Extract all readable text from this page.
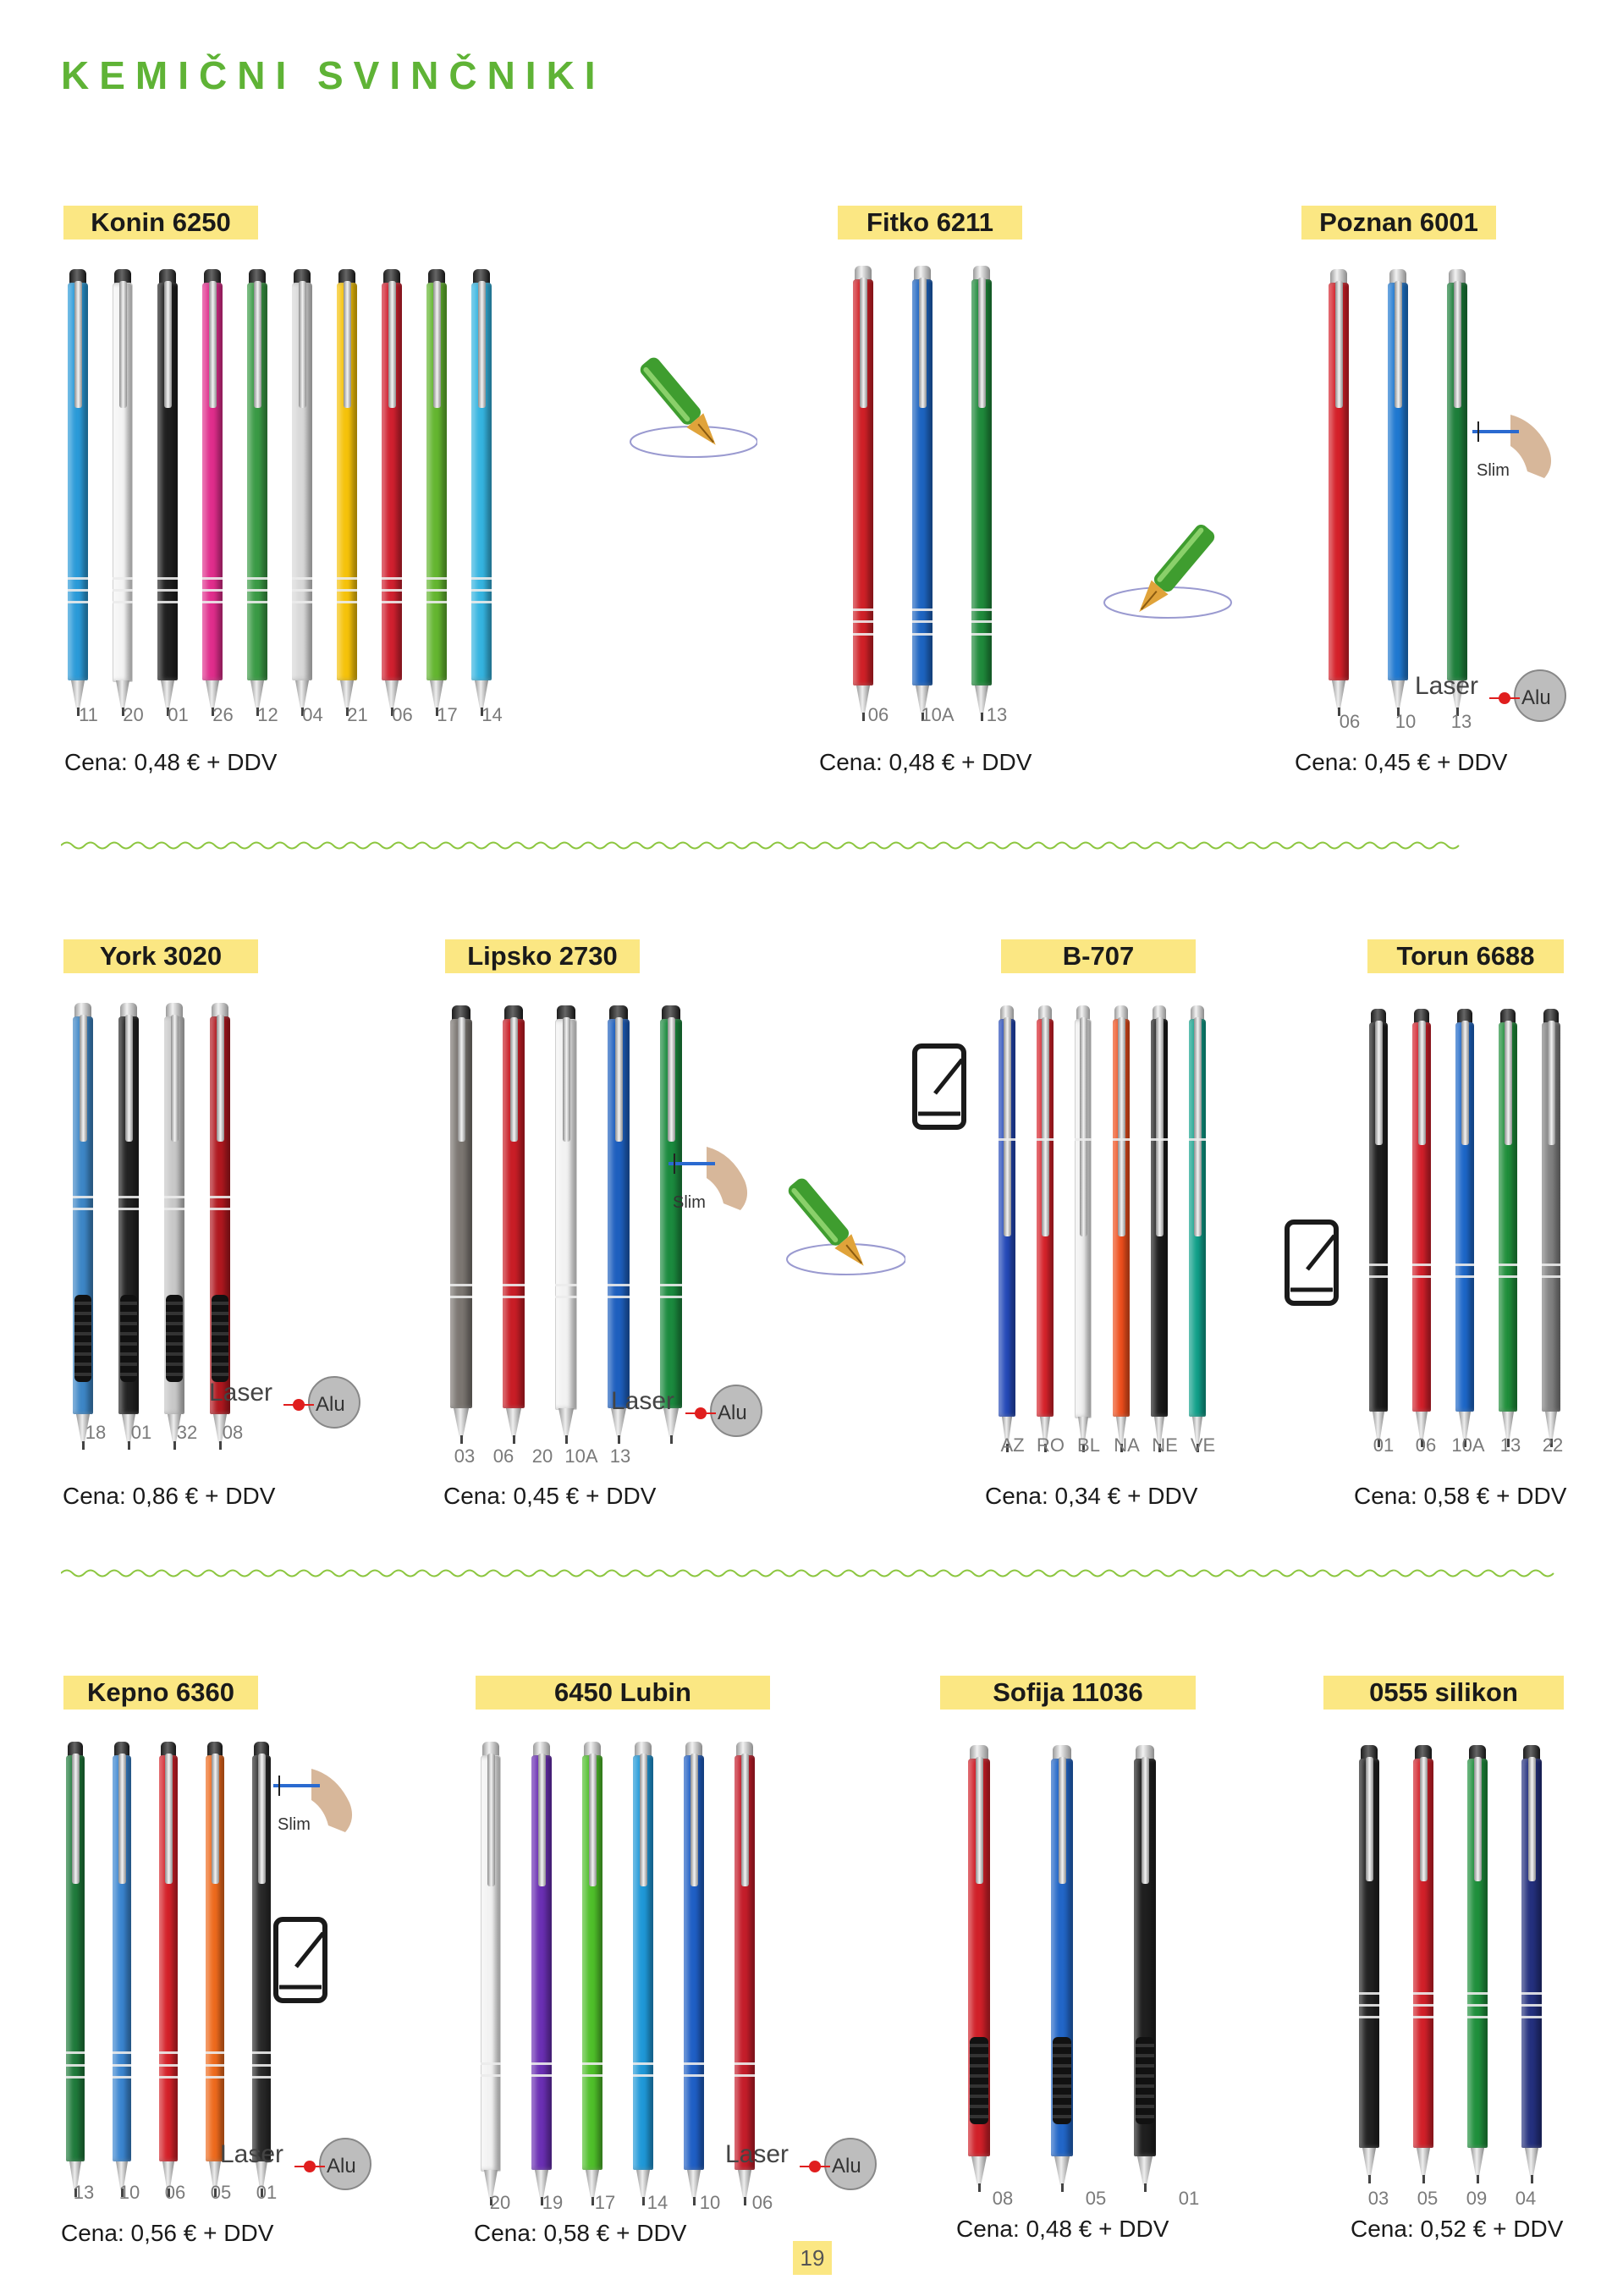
KEMIČNI SVINČNIKI
Konin 6250
11	20	01	26	12	04	21	06	17	14
Cena: 0,48 € + DDV
Fitko 6211
06	10A	13
Cena: 0,48 € + DDV
Poznan 6001
06	10	13
Cena: 0,45 € + DDV
York 3020
18	01	32	08
Cena: 0,86 € + DDV
Lipsko 2730
03 06 20 10A 13
Cena: 0,45 € + DDV
B-707
AZ RO BL NA NE VE
Cena: 0,34 € + DDV
Torun 6688
01	06 10A 13	22
Cena: 0,58 € + DDV
Kepno 6360
13	10	06	05	01
Cena: 0,56 € + DDV
6450 Lubin
20	19	17	14	10	06
Cena: 0,58 € + DDV
Sofija 11036
08	05	01
Cena: 0,48 € + DDV
0555 silikon
03	05	09	04
Cena: 0,52 € + DDV
Slim
Slim
Slim
Laser Alu
Laser Alu	Laser Alu
Laser Alu	Laser Alu
19
